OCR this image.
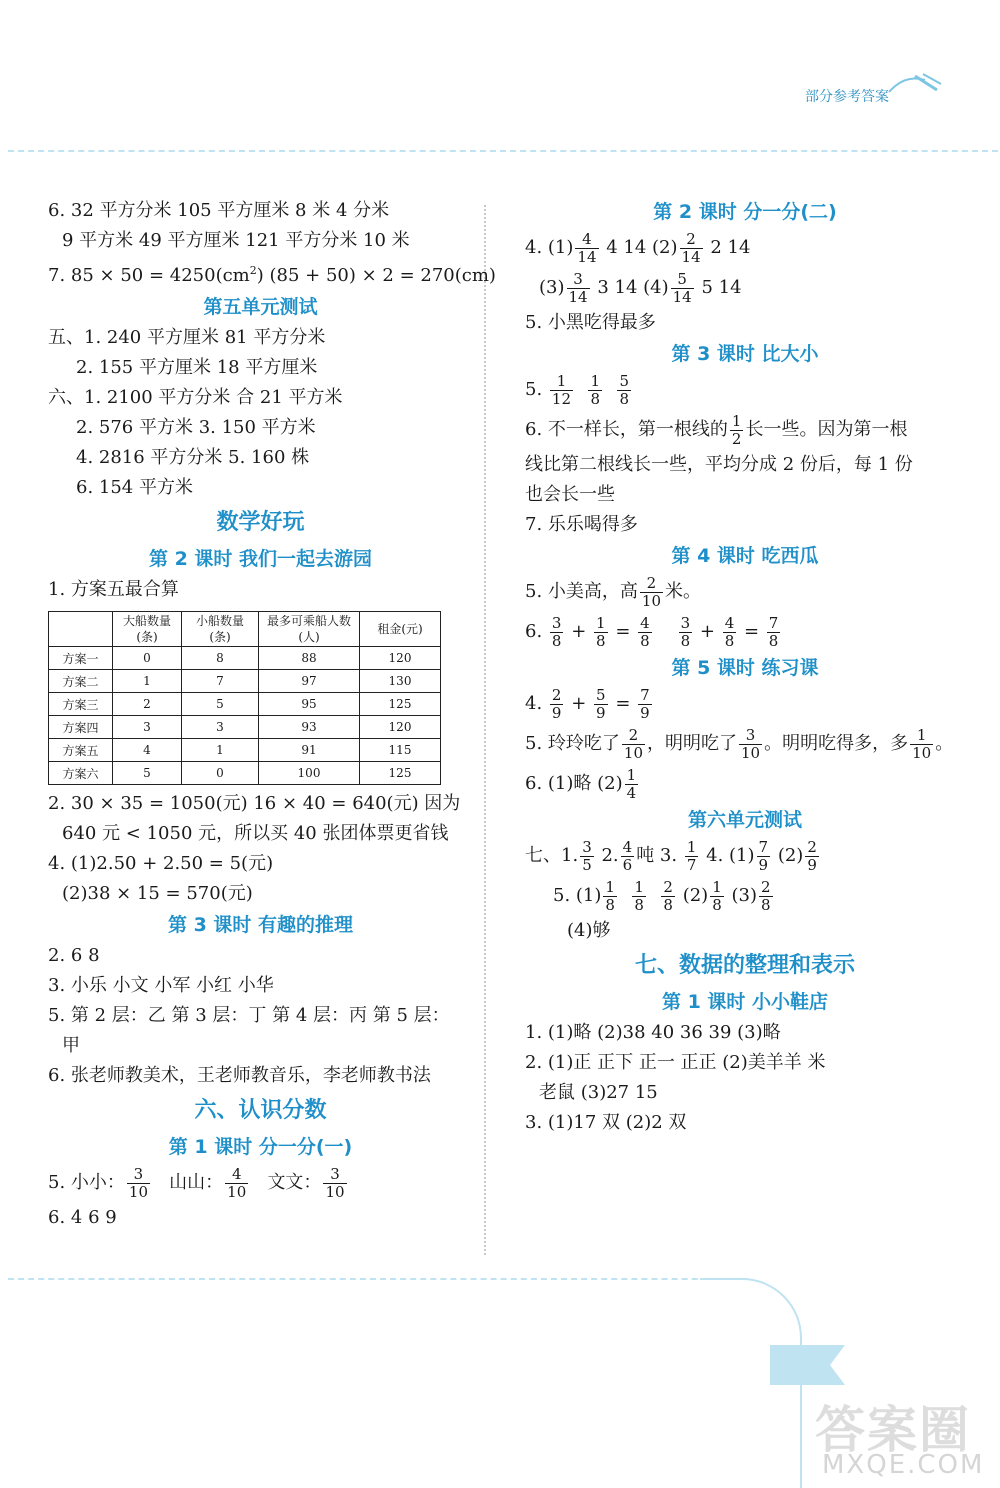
部分参考答案
6. 32 平方分米 105 平方厘米 8 米 4 分米
9 平方米 49 平方厘米 121 平方分米 10 米
7. $85 \times 50 = 4250(cm^2) (85 + 50) \times 2 = 270(cm)$
第五单元测试
五、1. 240 平方厘米 81 平方分米
2. 155 平方厘米 18 平方厘米
六、1. 2100 平方分米 合 21 平方米
2. 576 平方米 3. 150 平方米
4. 2816 平方分米 5. 160 株
6. 154 平方米
数学好玩
第 2 课时 我们一起去游园
1. 方案五最合算
	大船数量(条)	小船数量(条)	最多可乘船人数(人)	租金(元)
方案一	0	8	88	120
方案二	1	7	97	130
方案三	2	5	95	125
方案四	3	3	93	120
方案五	4	1	91	115
方案六	5	0	100	125
2. 30 × 35 = 1050(元) 16 × 40 = 640(元) 因为
640 元 < 1050 元，所以买 40 张团体票更省钱
4. (1)2.50 + 2.50 = 5(元)
(2)38 × 15 = 570(元)
第 3 课时 有趣的推理
2. 6 8
3. 小乐 小文 小军 小红 小华
5. 第 2 层：乙 第 3 层：丁 第 4 层：丙 第 5 层：
甲
6. 张老师教美术，王老师教音乐，李老师教书法
六、认识分数
第 1 课时 分一分(一)
5. 小小： $\frac{3}{10}$ 山山： $\frac{4}{10}$ 文文： $\frac{3}{10}$
6. 4 6 9
第 2 课时 分一分(二)
4. $(1) \frac{4}{14} 4$ 14 $(2) \frac{2}{14} 2$ 14
$(3) \frac{3}{14} 3$ 14 $(4) \frac{5}{14} 5$ 14
5. 小黑吃得最多
第 3 课时 比大小
5. $\frac{1}{12}$
$\frac{1}{8}$
$\frac{5}{8}$
6. 不一样长，第一根线的 $\frac{1}{2}$ 长一些。因为第一根
线比第二根线长一些，平均分成 2 份后，每 1 份
也会长一些
7. 乐乐喝得多
第 4 课时 吃西瓜
5. 小美高，高 $\frac{2}{10}$ 米。
6. $\frac{3}{8} + \frac{1}{8} = \frac{4}{8}$
$\frac{3}{8} + \frac{4}{8} = \frac{7}{8}$
第 5 课时 练习课
4. $\frac{2}{9} + \frac{5}{9} = \frac{7}{9}$
5. 玲玲吃了 $\frac{2}{10}$ ，明明吃了 $\frac{3}{10}$ 。明明吃得多，多 $\frac{1}{10}$ 。
6. (1)略 $(2) \frac{1}{4}$
第六单元测试
七、1. $\frac{3}{5} 2$. $\frac{4}{6}$ 吨 3. $\frac{1}{7} 4$. $(1) \frac{7}{9} (2) \frac{2}{9}$
5. $(1) \frac{1}{8}$
$\frac{1}{8}$
$\frac{2}{8} (2) \frac{1}{8} (3) \frac{2}{8}$
(4)够
七、数据的整理和表示
第 1 课时 小小鞋店
1. (1)略 (2)38 40 36 39 (3)略
2. (1)正 正下 正一 正正 (2)美羊羊 米
老鼠 (3)27 15
3. (1)17 双 (2)2 双
答案圈
MXQE.COM
